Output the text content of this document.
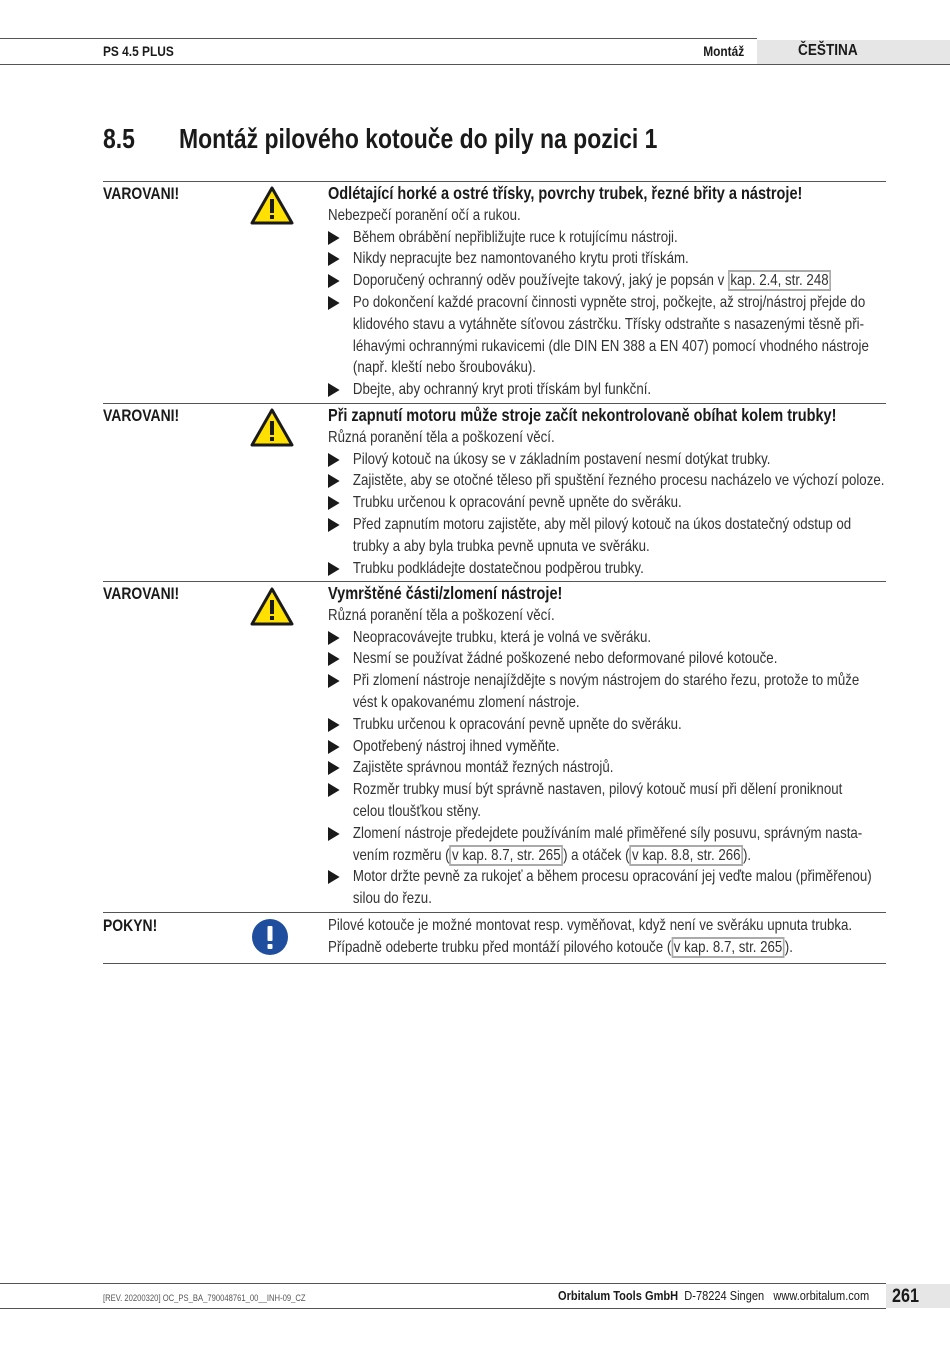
PS 4.5 PLUS	Montáž	ČEŠTINA
8.5 Montáž pilového kotouče do pily na pozici 1
VAROVANI!	Odlétající horké a ostré třísky, povrchy trubek, řezné břity a nástroje!
Nebezpečí poranění očí a rukou.
Během obrábění nepřibližujte ruce k rotujícímu nástroji.
Nikdy nepracujte bez namontovaného krytu proti třískám.
Doporučený ochranný oděv používejte takový, jaký je popsán v kap. 2.4, str. 248
Po dokončení každé pracovní činnosti vypněte stroj, počkejte, až stroj/nástroj přejde do
klidového stavu a vytáhněte síťovou zástrčku. Třísky odstraňte s nasazenými těsně při-
léhavými ochrannými rukavicemi (dle DIN EN 388 a EN 407) pomocí vhodného nástroje
(např. kleští nebo šroubováku).
Dbejte, aby ochranný kryt proti třískám byl funkční.
VAROVANI!	Při zapnutí motoru může stroje začít nekontrolovaně obíhat kolem trubky!
Různá poranění těla a poškození věcí.
Pilový kotouč na úkosy se v základním postavení nesmí dotýkat trubky.
Zajistěte, aby se otočné těleso při spuštění řezného procesu nacházelo ve výchozí poloze.
Trubku určenou k opracování pevně upněte do svěráku.
Před zapnutím motoru zajistěte, aby měl pilový kotouč na úkos dostatečný odstup od
trubky a aby byla trubka pevně upnuta ve svěráku.
Trubku podkládejte dostatečnou podpěrou trubky.
VAROVANI!	Vymrštěné části/zlomení nástroje!
Různá poranění těla a poškození věcí.
Neopracovávejte trubku, která je volná ve svěráku.
Nesmí se používat žádné poškozené nebo deformované pilové kotouče.
Při zlomení nástroje nenajíždějte s novým nástrojem do starého řezu, protože to může
vést k opakovanému zlomení nástroje.
Trubku určenou k opracování pevně upněte do svěráku.
Opotřebený nástroj ihned vyměňte.
Zajistěte správnou montáž řezných nástrojů.
Rozměr trubky musí být správně nastaven, pilový kotouč musí při dělení proniknout
celou tloušťkou stěny.
Zlomení nástroje předejdete používáním malé přiměřené síly posuvu, správným nasta-
vením rozměru ( v kap. 8.7, str. 265 ) a otáček ( v kap. 8.8, str. 266 ).
Motor držte pevně za rukojeť a během procesu opracování jej veďte malou (přiměřenou)
silou do řezu.
POKYN!	Pilové kotouče je možné montovat resp. vyměňovat, když není ve svěráku upnuta trubka.
Případně odeberte trubku před montáží pilového kotouče ( v kap. 8.7, str. 265 ).
[REV. 20200320] OC_PS_BA_790048761_00__INH-09_CZ	Orbitalum Tools GmbH D-78224 Singen www.orbitalum.com 261
